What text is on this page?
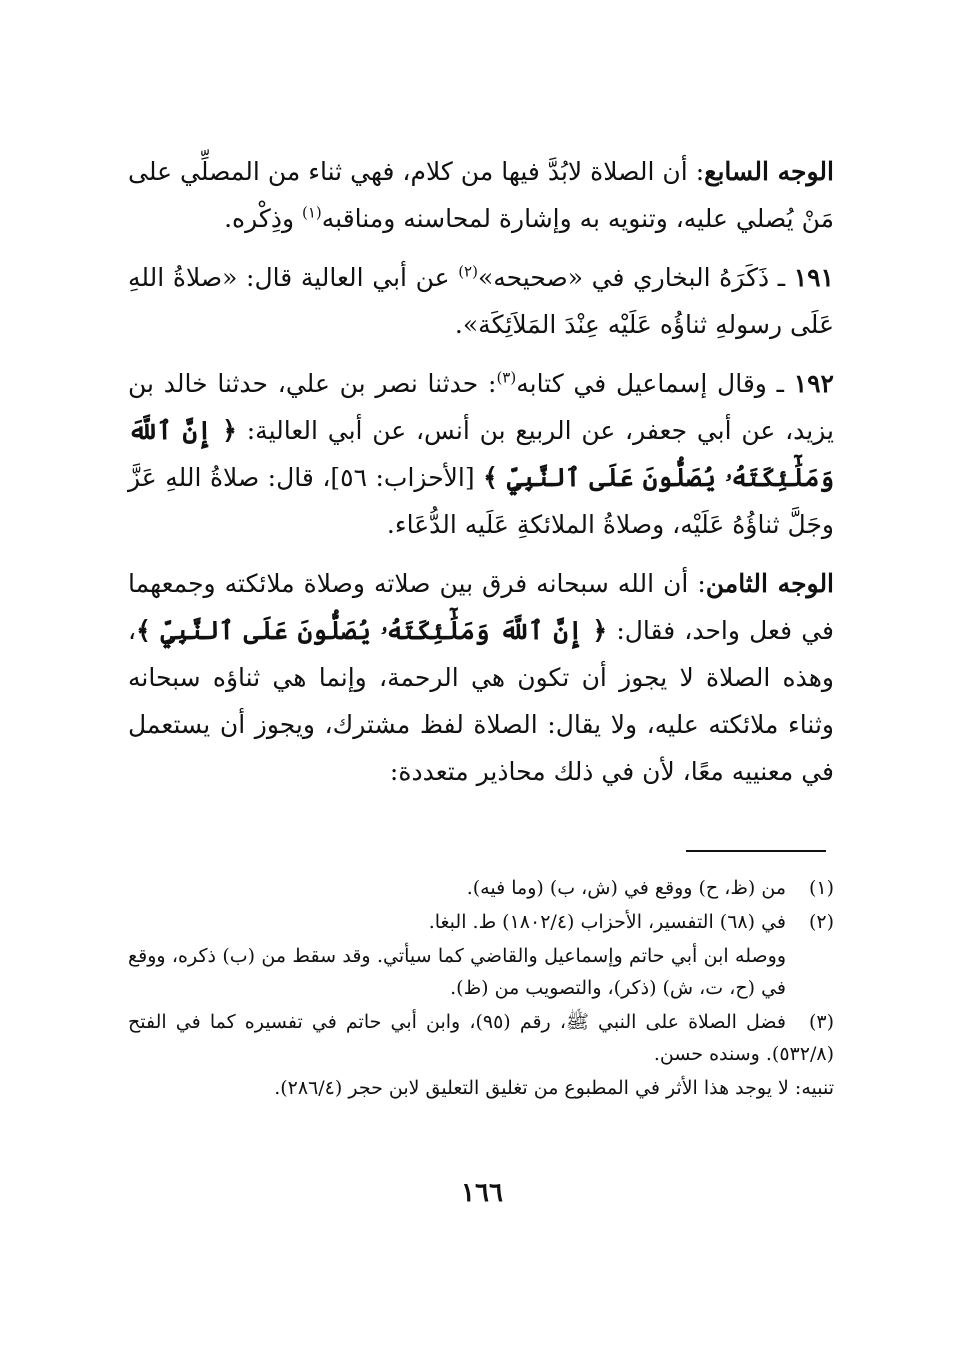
الوجه السابع: أن الصلاة لابُدَّ فيها من كلام، فهي ثناء من المصلِّي على مَنْ يُصلي عليه، وتنويه به وإشارة لمحاسنه ومناقبه$^{(١)}$ وذِكْره.

١٩١ ـ ذَكَرَهُ البخاري في «صحيحه»$^{(٢)}$ عن أبي العالية قال: «صلاةُ اللهِ عَلَى رسولهِ ثناؤُه عَلَيْه عِنْدَ المَلاَئِكَة».

١٩٢ ـ وقال إسماعيل في كتابه$^{(٣)}$: حدثنا نصر بن علي، حدثنا خالد بن يزيد، عن أبي جعفر، عن الربيع بن أنس، عن أبي العالية: ﴿ إِنَّ ٱللَّهَ وَمَلَٰٓئِكَتَهُۥ يُصَلُّونَ عَلَى ٱلنَّبِيِّ ﴾ [الأحزاب: ٥٦]، قال: صلاةُ اللهِ عَزَّ وجَلَّ ثناؤُهُ عَلَيْه، وصلاةُ الملائكةِ عَلَيه الدُّعَاء.

الوجه الثامن: أن الله سبحانه فرق بين صلاته وصلاة ملائكته وجمعهما في فعل واحد، فقال: ﴿ إِنَّ ٱللَّهَ وَمَلَٰٓئِكَتَهُۥ يُصَلُّونَ عَلَى ٱلنَّبِيِّ ﴾، وهذه الصلاة لا يجوز أن تكون هي الرحمة، وإنما هي ثناؤه سبحانه وثناء ملائكته عليه، ولا يقال: الصلاة لفظ مشترك، ويجوز أن يستعمل في معنييه معًا، لأن في ذلك محاذير متعددة:

(١)من (ظ، ح) ووقع في (ش، ب) (وما فيه).

(٢)في (٦٨) التفسير، الأحزاب (١٨٠٢/٤) ط. البغا.

ووصله ابن أبي حاتم وإسماعيل والقاضي كما سيأتي. وقد سقط من (ب) ذكره، ووقع في (ح، ت، ش) (ذكر)، والتصويب من (ظ).

(٣)فضل الصلاة على النبي ﷺ، رقم (٩٥)، وابن أبي حاتم في تفسيره كما في الفتح (٥٣٢/٨). وسنده حسن.

تنبيه: لا يوجد هذا الأثر في المطبوع من تغليق التعليق لابن حجر (٢٨٦/٤).

١٦٦
